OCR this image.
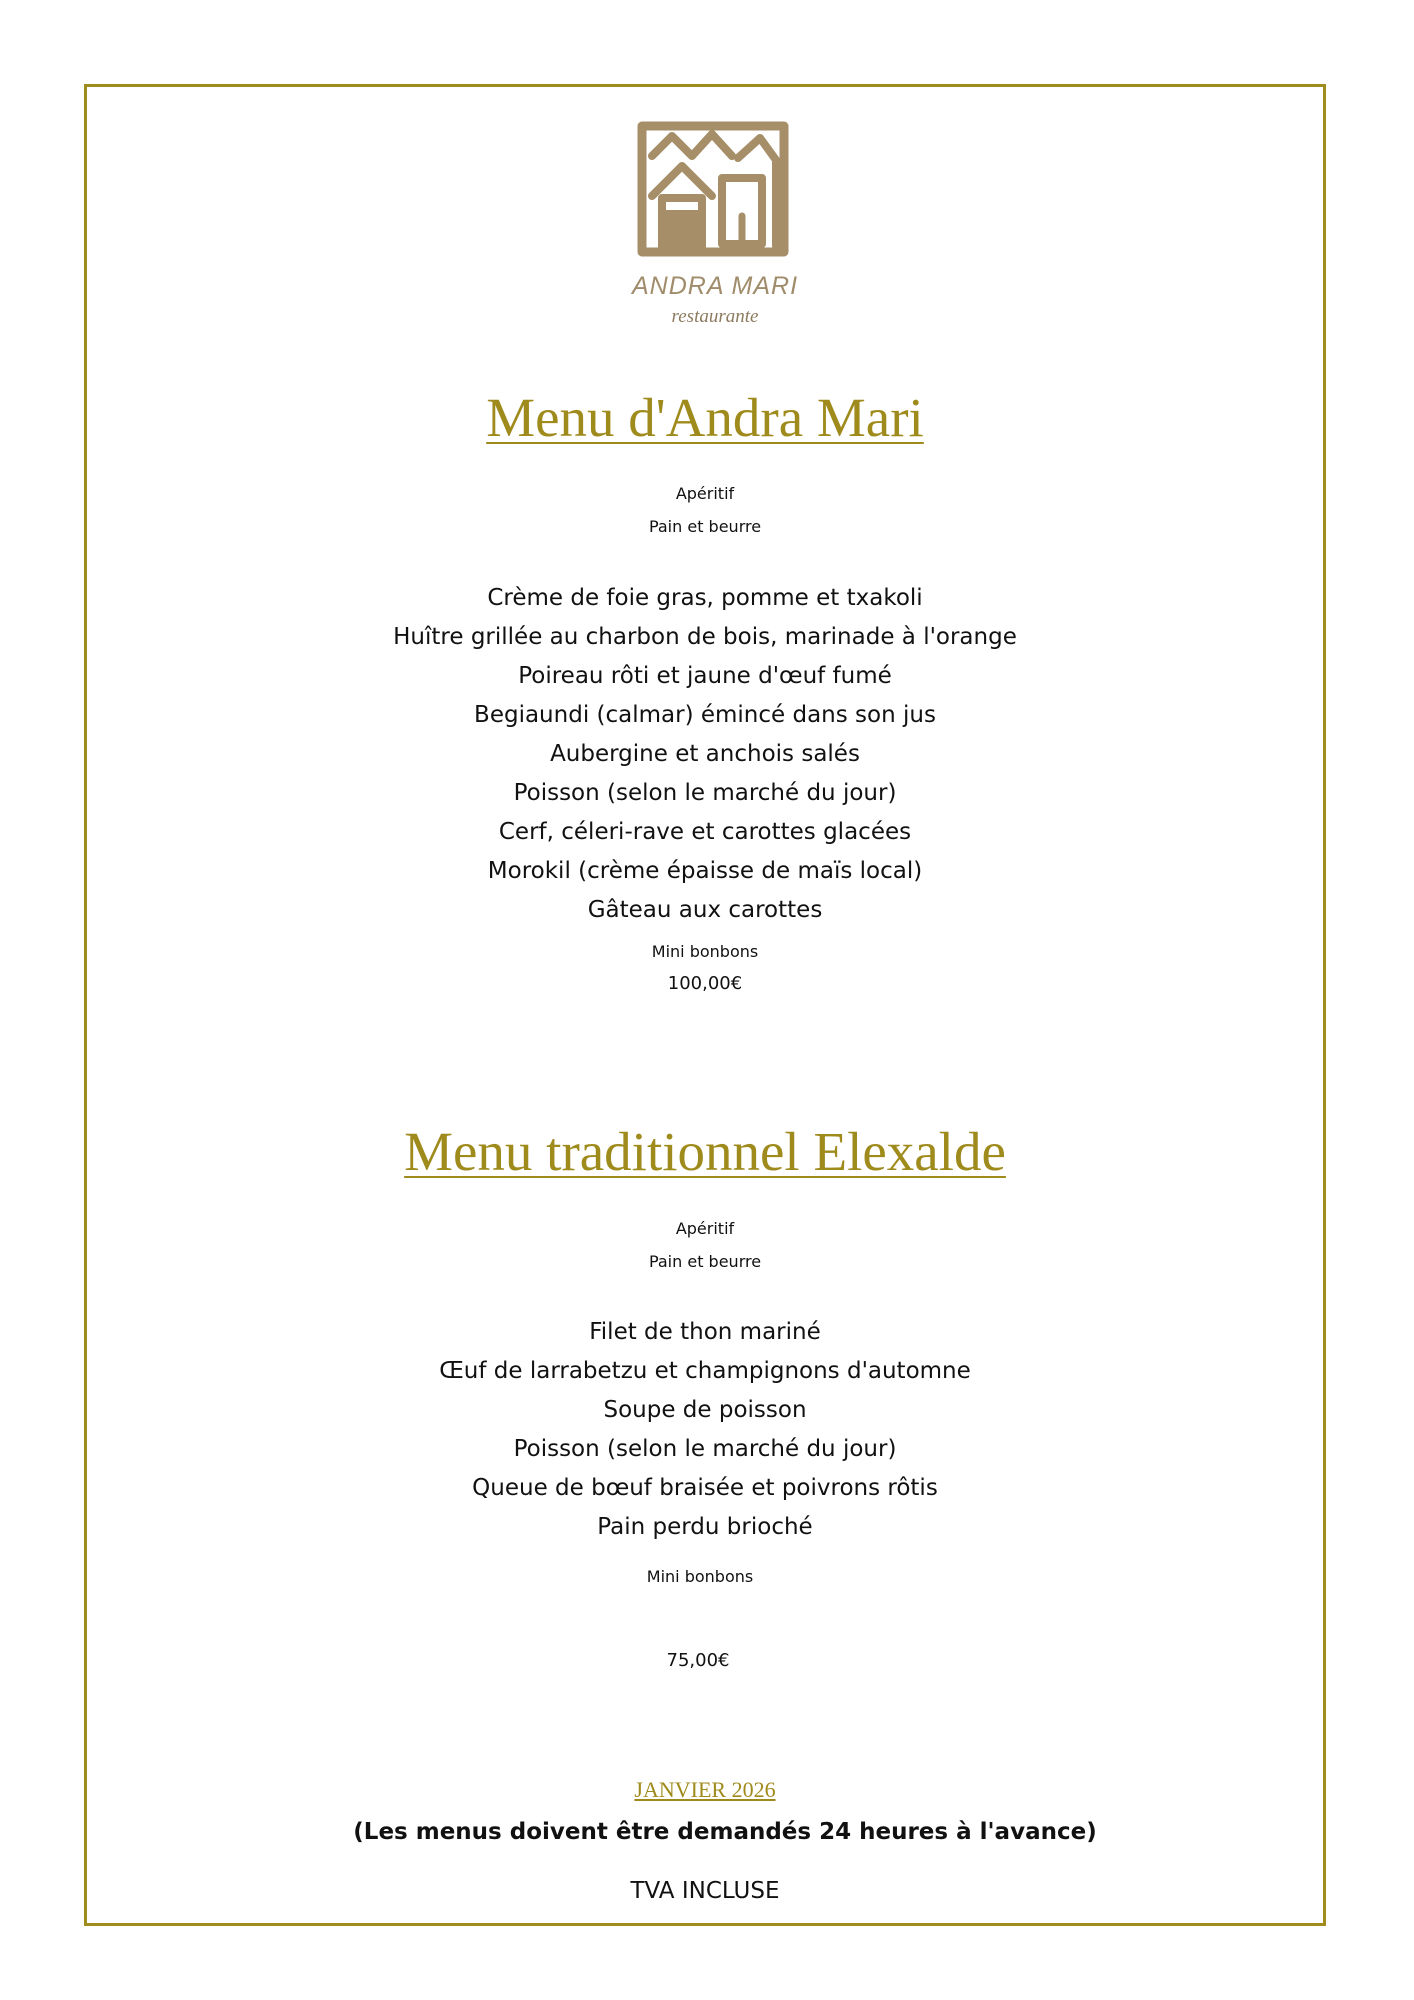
ANDRA MARI
restaurante
Menu d'Andra Mari
Apéritif
Pain et beurre
Crème de foie gras, pomme et txakoli
Huître grillée au charbon de bois, marinade à l'orange
Poireau rôti et jaune d'œuf fumé
Begiaundi (calmar) émincé dans son jus
Aubergine et anchois salés
Poisson (selon le marché du jour)
Cerf, céleri-rave et carottes glacées
Morokil (crème épaisse de maïs local)
Gâteau aux carottes
Mini bonbons
100,00€
Menu traditionnel Elexalde
Apéritif
Pain et beurre
Filet de thon mariné
Œuf de larrabetzu et champignons d'automne
Soupe de poisson
Poisson (selon le marché du jour)
Queue de bœuf braisée et poivrons rôtis
Pain perdu brioché
Mini bonbons
75,00€
JANVIER 2026
(Les menus doivent être demandés 24 heures à l'avance)
TVA INCLUSE
